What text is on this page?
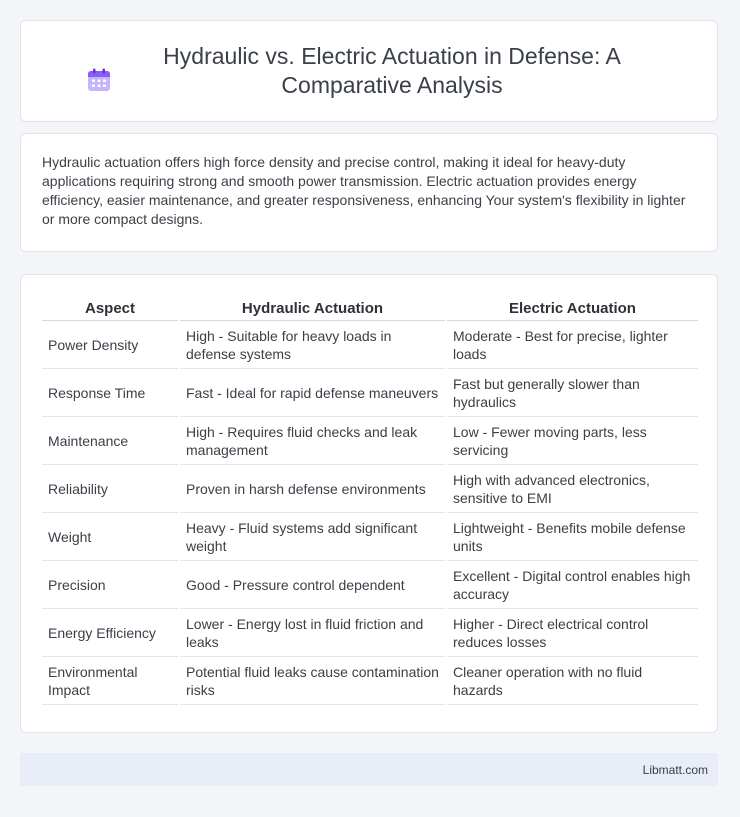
Hydraulic vs. Electric Actuation in Defense: A Comparative Analysis

Hydraulic actuation offers high force density and precise control, making it ideal for heavy-duty applications requiring strong and smooth power transmission. Electric actuation provides energy efficiency, easier maintenance, and greater responsiveness, enhancing Your system's flexibility in lighter or more compact designs.

Aspect	Hydraulic Actuation	Electric Actuation
Power Density	High - Suitable for heavy loads in defense systems	Moderate - Best for precise, lighter loads
Response Time	Fast - Ideal for rapid defense maneuvers	Fast but generally slower than hydraulics
Maintenance	High - Requires fluid checks and leak management	Low - Fewer moving parts, less servicing
Reliability	Proven in harsh defense environments	High with advanced electronics, sensitive to EMI
Weight	Heavy - Fluid systems add significant weight	Lightweight - Benefits mobile defense units
Precision	Good - Pressure control dependent	Excellent - Digital control enables high accuracy
Energy Efficiency	Lower - Energy lost in fluid friction and leaks	Higher - Direct electrical control reduces losses
Environmental Impact	Potential fluid leaks cause contamination risks	Cleaner operation with no fluid hazards
Libmatt.com
